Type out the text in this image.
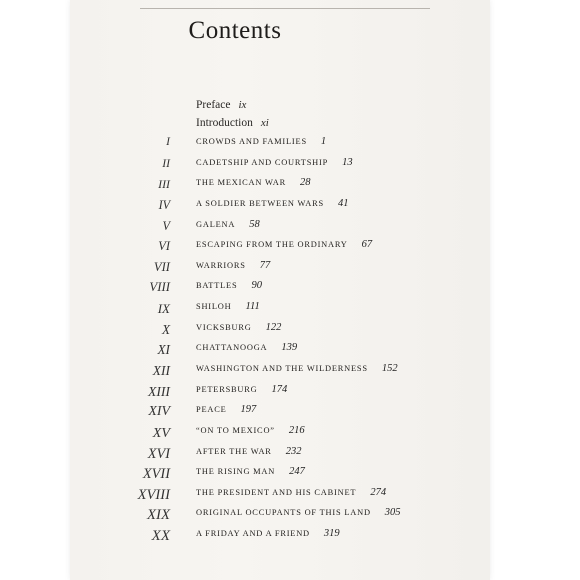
Contents
Preface ix
Introduction xi
I	CROWDS AND FAMILIES 1
II	CADETSHIP AND COURTSHIP 13
III	THE MEXICAN WAR 28
IV	A SOLDIER BETWEEN WARS 41
V	GALENA 58
VI	ESCAPING FROM THE ORDINARY 67
VII	WARRIORS 77
VIII	BATTLES 90
IX	SHILOH 111
X	VICKSBURG 122
XI	CHATTANOOGA 139
XII	WASHINGTON AND THE WILDERNESS 152
XIII	PETERSBURG 174
XIV	PEACE 197
XV	“ON TO MEXICO” 216
XVI	AFTER THE WAR 232
XVII	THE RISING MAN 247
XVIII	THE PRESIDENT AND HIS CABINET 274
XIX	ORIGINAL OCCUPANTS OF THIS LAND 305
XX	A FRIDAY AND A FRIEND 319
